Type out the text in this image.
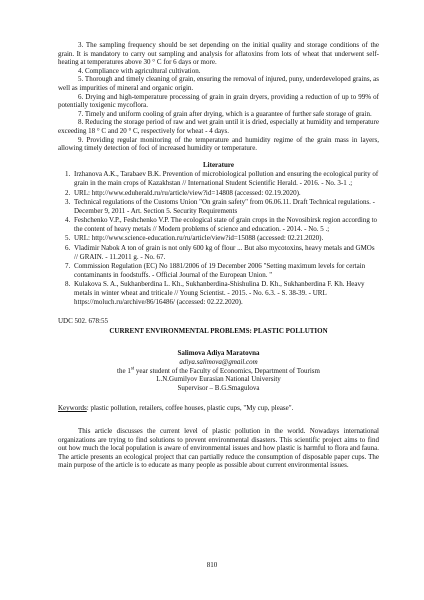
3. The sampling frequency should be set depending on the initial quality and storage conditions of the grain. It is mandatory to carry out sampling and analysis for aflatoxins from lots of wheat that underwent self-heating at temperatures above 30 ° C for 6 days or more.

4. Compliance with agricultural cultivation.

5. Thorough and timely cleaning of grain, ensuring the removal of injured, puny, underdeveloped grains, as well as impurities of mineral and organic origin.

6. Drying and high-temperature processing of grain in grain dryers, providing a reduction of up to 99% of potentially toxigenic mycoflora.

7. Timely and uniform cooling of grain after drying, which is a guarantee of further safe storage of grain.

8. Reducing the storage period of raw and wet grain until it is dried, especially at humidity and temperature exceeding 18 ° C and 20 ° C, respectively for wheat - 4 days.

9. Providing regular monitoring of the temperature and humidity regime of the grain mass in layers, allowing timely detection of foci of increased humidity or temperature.

Literature

1. Irzhanova A.K., Tarabaev B.K. Prevention of microbiological pollution and ensuring the ecological purity of grain in the main crops of Kazakhstan // International Student Scientific Herald. - 2016. - No. 3-1 .;
2. URL: http://www.eduherald.ru/ru/article/view?id=14808 (accessed: 02.19.2020).
3. Technical regulations of the Customs Union "On grain safety" from 06.06.11. Draft Technical regulations. - December 9, 2011 - Art. Section 5. Security Requirements
4. Feshchenko V.P., Feshchenko V.P. The ecological state of grain crops in the Novosibirsk region according to the content of heavy metals // Modern problems of science and education. - 2014. - No. 5 .;
5. URL: http://www.science-education.ru/ru/article/view?id=15088 (accessed: 02.21.2020).
6. Vladimir Nabok A ton of grain is not only 600 kg of flour ... But also mycotoxins, heavy metals and GMOs // GRAIN. - 11.2011 g. - No. 67.
7. Commission Regulation (EC) No 1881/2006 of 19 December 2006 "Setting maximum levels for certain contaminants in foodstuffs. - Official Journal of the European Union. "
8. Kulakova S. A., Sukhanberdina L. Kh., Sukhanberdina-Shishulina D. Kh., Sukhanberdina F. Kh. Heavy metals in winter wheat and triticale // Young Scientist. - 2015. - No. 6.3. - S. 38-39. - URL https://moluch.ru/archive/86/16486/ (accessed: 02.22.2020).

UDC 502. 678:55

CURRENT ENVIRONMENTAL PROBLEMS: PLASTIC POLLUTION

Salimova Adiya Maratovna

adiya.salimova@gmail.com

the 1st year student of the Faculty of Economics, Department of Tourism

L.N.Gumilyov Eurasian National University

Supervisor – B.G.Smagulova

Keywords: plastic pollution, retailers, coffee houses, plastic cups, "My cup, please".

This article discusses the current level of plastic pollution in the world. Nowadays international organizations are trying to find solutions to prevent environmental disasters. This scientific project aims to find out how much the local population is aware of environmental issues and how plastic is harmful to flora and fauna. The article presents an ecological project that can partially reduce the consumption of disposable paper cups. The main purpose of the article is to educate as many people as possible about current environmental issues.

810
